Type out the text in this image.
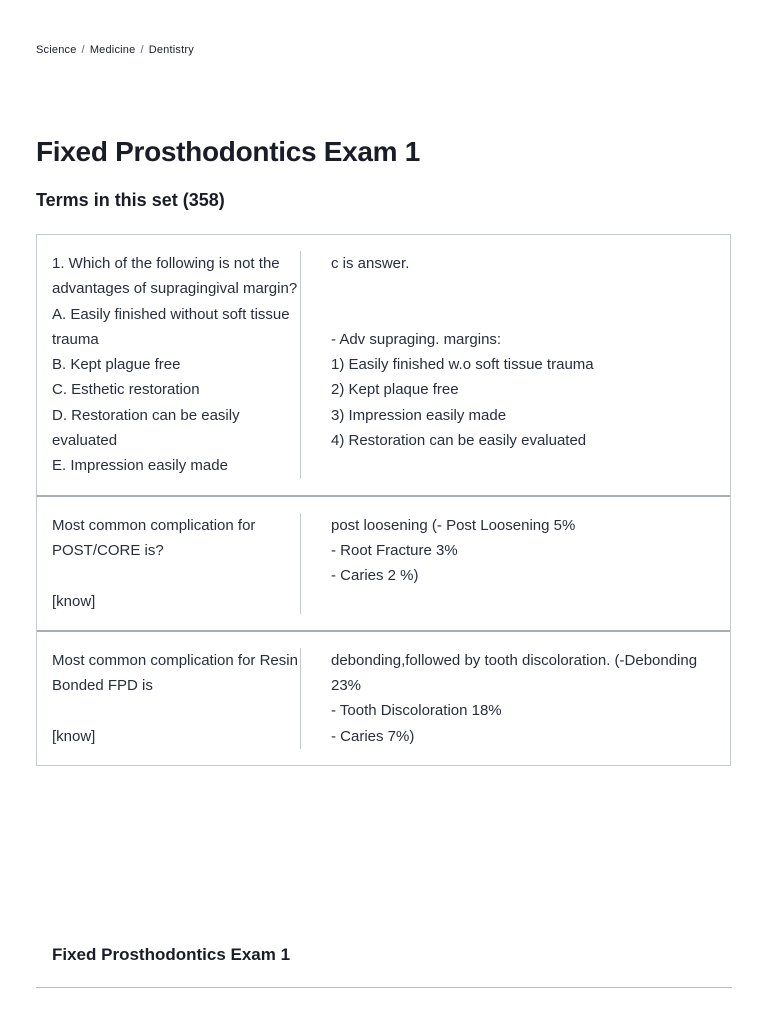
Science / Medicine / Dentistry
Fixed Prosthodontics Exam 1
Terms in this set (358)
1. Which of the following is not the advantages of supragingival margin?
A. Easily finished without soft tissue trauma
B. Kept plague free
C. Esthetic restoration
D. Restoration can be easily evaluated
E. Impression easily made
c is answer.

- Adv supraging. margins:
1) Easily finished w.o soft tissue trauma
2) Kept plaque free
3) Impression easily made
4) Restoration can be easily evaluated
Most common complication for POST/CORE is?

[know]
post loosening (- Post Loosening 5%
- Root Fracture 3%
- Caries 2 %)
Most common complication for Resin Bonded FPD is

[know]
debonding,followed by tooth discoloration. (-Debonding 23%
- Tooth Discoloration 18%
- Caries 7%)
Fixed Prosthodontics Exam 1
